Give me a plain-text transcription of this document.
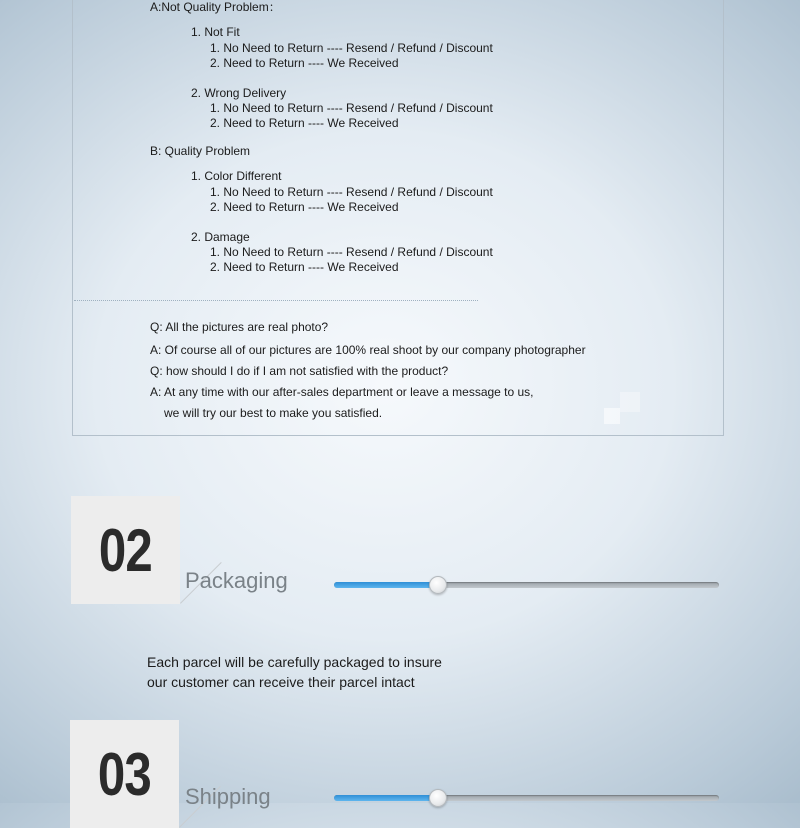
A:Not Quality Problem：
1. Not Fit
1. No Need to Return ---- Resend / Refund / Discount
2. Need to Return ---- We Received
2. Wrong Delivery
1. No Need to Return ---- Resend / Refund / Discount
2. Need to Return ---- We Received
B: Quality Problem
1. Color Different
1. No Need to Return ---- Resend / Refund / Discount
2. Need to Return ---- We Received
2. Damage
1. No Need to Return ---- Resend / Refund / Discount
2. Need to Return ---- We Received
Q: All the pictures are real photo?
A: Of course all of our pictures are 100% real shoot by our company photographer
Q: how should I do if I am not satisfied with the product?
A: At any time with our after-sales department or leave a message to us,
we will try our best to make you satisfied.
02 Packaging
Each parcel will be carefully packaged to insure
our customer can receive their parcel intact
03 Shipping
